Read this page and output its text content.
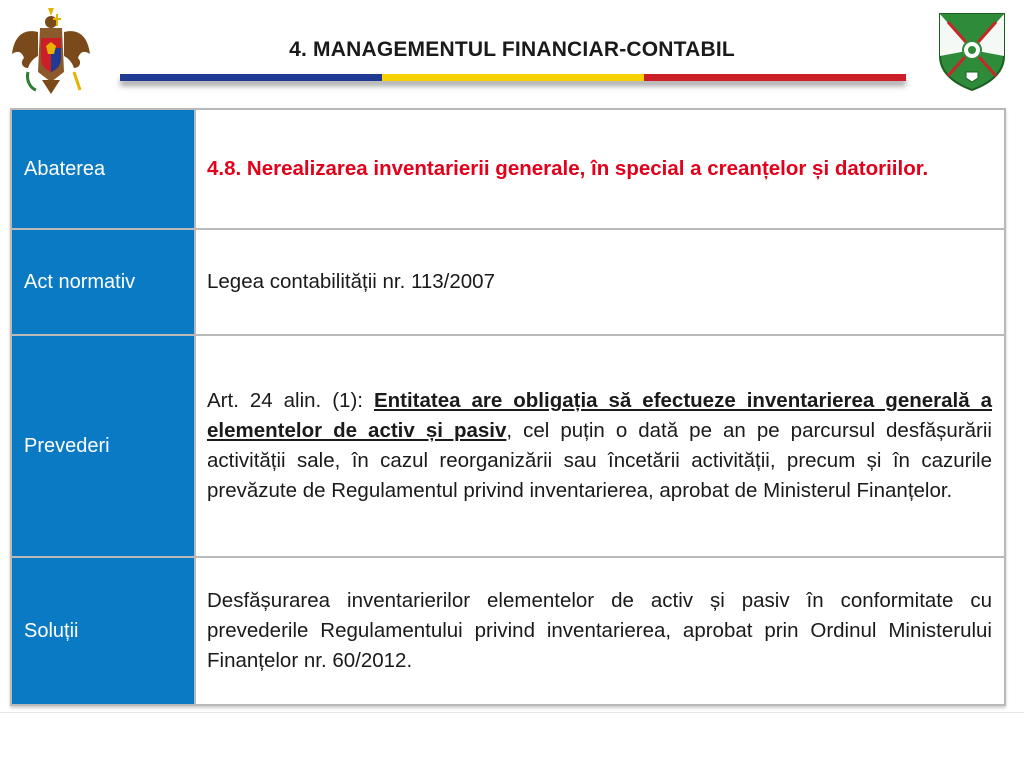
4. MANAGEMENTUL FINANCIAR-CONTABIL
Abaterea	4.8. Nerealizarea inventarierii generale, în special a creanțelor și datoriilor.
Act normativ	Legea contabilității nr. 113/2007
Prevederi	Art. 24 alin. (1): Entitatea are obligația să efectueze inventarierea generală a elementelor de activ și pasiv, cel puțin o dată pe an pe parcursul desfășurării activității sale, în cazul reorganizării sau încetării activității, precum și în cazurile prevăzute de Regulamentul privind inventarierea, aprobat de Ministerul Finanțelor.
Soluții	Desfășurarea inventarierilor elementelor de activ și pasiv în conformitate cu prevederile Regulamentului privind inventarierea, aprobat prin Ordinul Ministerului Finanțelor nr. 60/2012.
